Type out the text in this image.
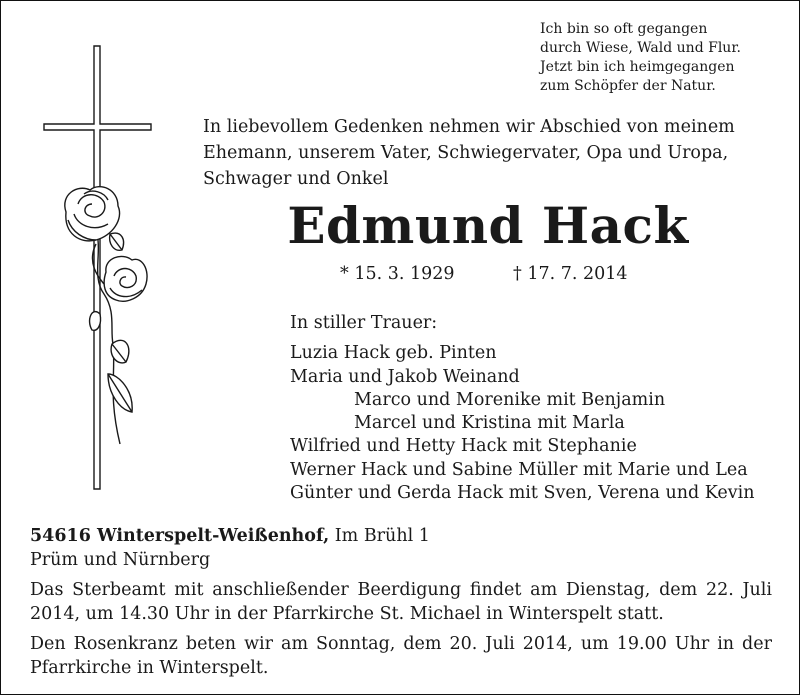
Ich bin so oft gegangen
durch Wiese, Wald und Flur.
Jetzt bin ich heimgegangen
zum Schöpfer der Natur.
In liebevollem Gedenken nehmen wir Abschied von meinem
Ehemann, unserem Vater, Schwiegervater, Opa und Uropa,
Schwager und Onkel
Edmund Hack
* 15. 3. 1929	† 17. 7. 2014
In stiller Trauer:
Luzia Hack geb. Pinten
Maria und Jakob Weinand
Marco und Morenike mit Benjamin
Marcel und Kristina mit Marla
Wilfried und Hetty Hack mit Stephanie
Werner Hack und Sabine Müller mit Marie und Lea
Günter und Gerda Hack mit Sven, Verena und Kevin
54616 Winterspelt-Weißenhof, Im Brühl 1
Prüm und Nürnberg
Das Sterbeamt mit anschließender Beerdigung findet am Dienstag, dem 22. Juli 2014, um 14.30 Uhr in der Pfarrkirche St. Michael in Winterspelt statt.
Den Rosenkranz beten wir am Sonntag, dem 20. Juli 2014, um 19.00 Uhr in der Pfarrkirche in Winterspelt.
